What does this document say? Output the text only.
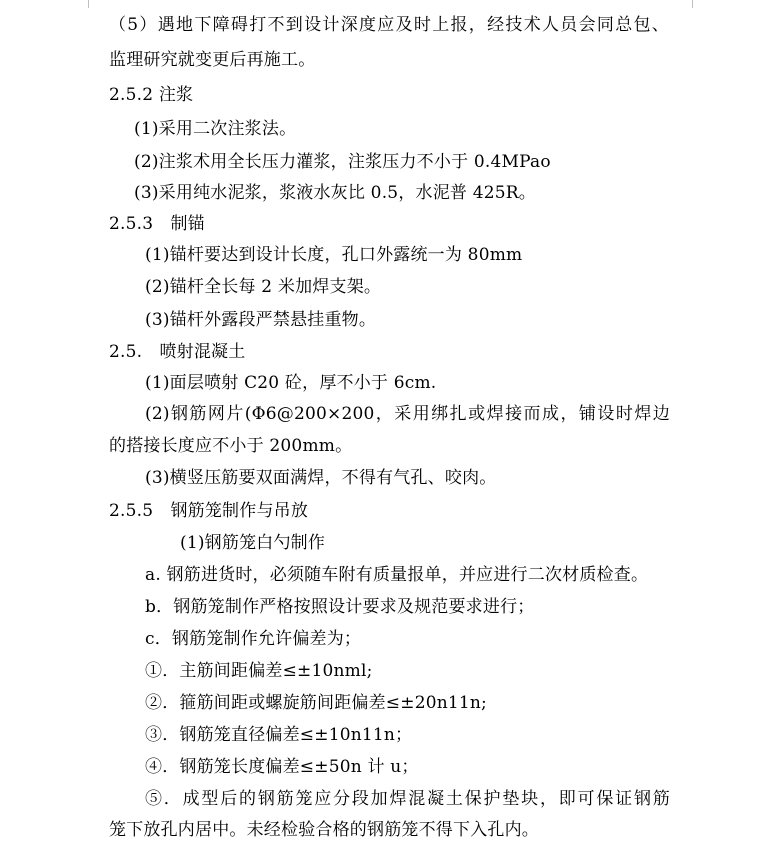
（5）遇地下障碍打不到设计深度应及时上报，经技术人员会同总包、
监理研究就变更后再施工。
2.5.2 注浆
(1)采用二次注浆法。
(2)注浆术用全长压力灌浆，注浆压力不小于 0.4MPao
(3)采用纯水泥浆，浆液水灰比 0.5，水泥普 425R。
2.5.3　制锚
(1)锚杆要达到设计长度，孔口外露统一为 80mm
(2)锚杆全长每 2 米加焊支架。
(3)锚杆外露段严禁悬挂重物。
2.5.　喷射混凝土
(1)面层喷射 C20 砼，厚不小于 6cm.
(2)钢筋网片(Φ6@200×200，采用绑扎或焊接而成，铺设时焊边
的搭接长度应不小于 200mm。
(3)横竖压筋要双面满焊，不得有气孔、咬肉。
2.5.5　钢筋笼制作与吊放
(1)钢筋笼白勺制作
a. 钢筋进货时，必须随车附有质量报单，并应进行二次材质检查。
b．钢筋笼制作严格按照设计要求及规范要求进行；
c．钢筋笼制作允许偏差为；
①．主筋间距偏差≤±10nml;
②．箍筋间距或螺旋筋间距偏差≤±20n11n;
③．钢筋笼直径偏差≤±10n11n；
④．钢筋笼长度偏差≤±50n 计 u；
⑤．成型后的钢筋笼应分段加焊混凝土保护垫块，即可保证钢筋
笼下放孔内居中。未经检验合格的钢筋笼不得下入孔内。
